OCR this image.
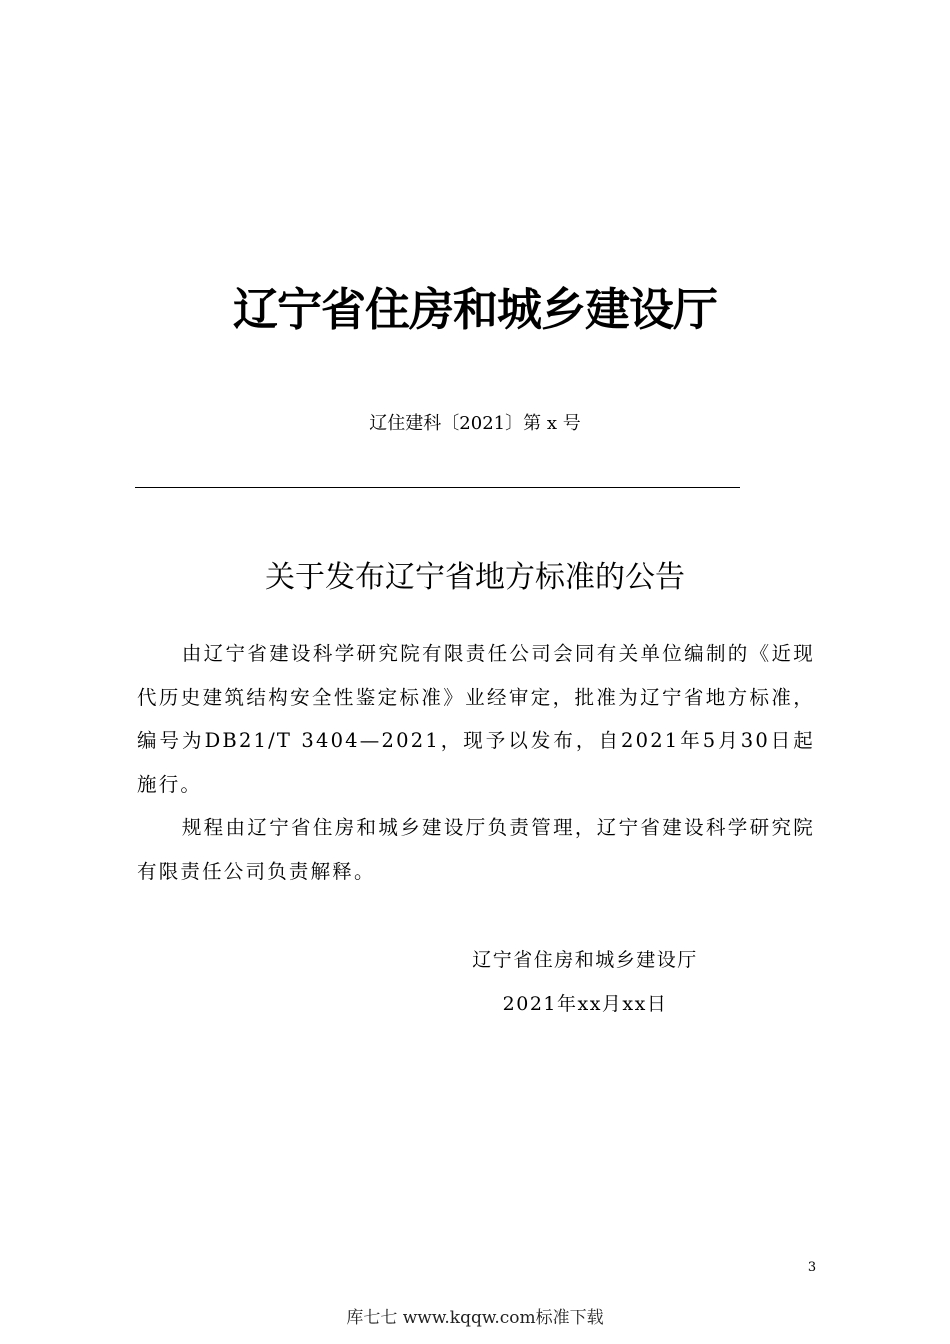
辽宁省住房和城乡建设厅
辽住建科〔2021〕第 x 号
关于发布辽宁省地方标准的公告

由辽宁省建设科学研究院有限责任公司会同有关单位编制的《近现代历史建筑结构安全性鉴定标准》业经审定，批准为辽宁省地方标准，编号为DB21/T 3404—2021，现予以发布，自2021年5月30日起施行。

规程由辽宁省住房和城乡建设厅负责管理，辽宁省建设科学研究院有限责任公司负责解释。

辽宁省住房和城乡建设厅
2021年xx月xx日
3
库七七 www.kqqw.com标准下载
